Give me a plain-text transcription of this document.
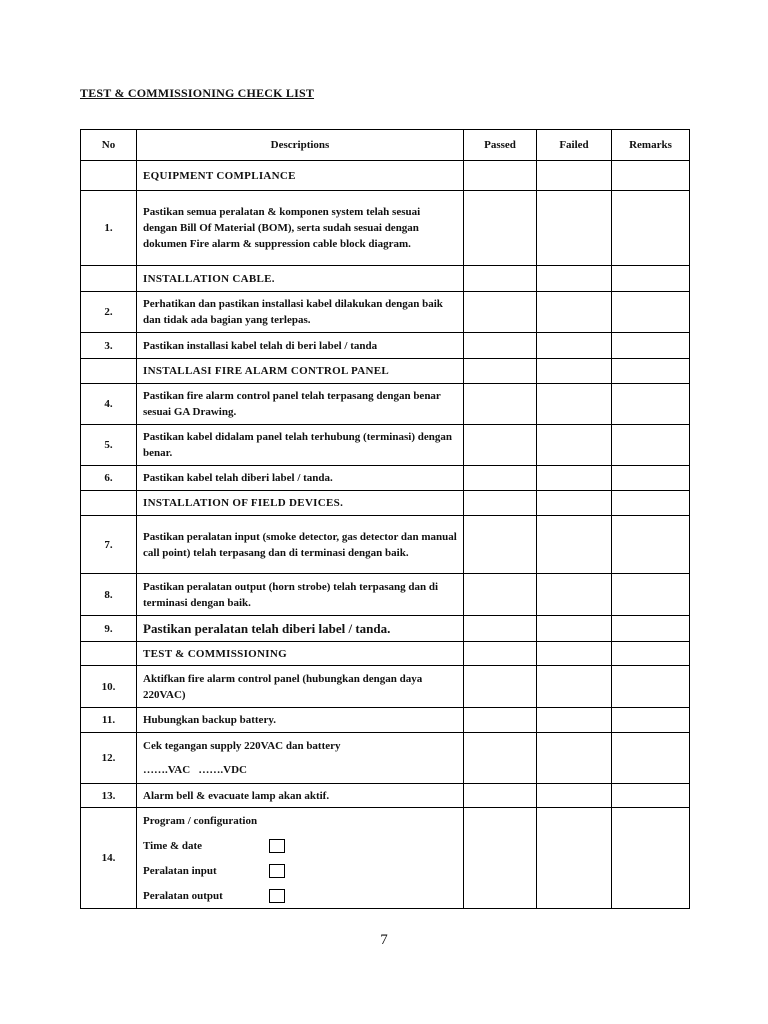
TEST & COMMISSIONING CHECK LIST
No	Descriptions	Passed	Failed	Remarks
	EQUIPMENT COMPLIANCE			
1.	Pastikan semua peralatan & komponen system telah sesuai dengan Bill Of Material (BOM), serta sudah sesuai dengan dokumen Fire alarm & suppression cable block diagram.			
	INSTALLATION CABLE.			
2.	Perhatikan dan pastikan installasi kabel dilakukan dengan baik dan tidak ada bagian yang terlepas.			
3.	Pastikan installasi kabel telah di beri label / tanda			
	INSTALLASI FIRE ALARM CONTROL PANEL			
4.	Pastikan fire alarm control panel telah terpasang dengan benar sesuai GA Drawing.			
5.	Pastikan kabel didalam panel telah terhubung (terminasi) dengan benar.			
6.	Pastikan kabel telah diberi label / tanda.			
	INSTALLATION OF FIELD DEVICES.			
7.	Pastikan peralatan input (smoke detector, gas detector dan manual call point) telah terpasang dan di terminasi dengan baik.			
8.	Pastikan peralatan output (horn strobe) telah terpasang dan di terminasi dengan baik.			
9.	Pastikan peralatan telah diberi label / tanda.			
	TEST & COMMISSIONING			
10.	Aktifkan fire alarm control panel (hubungkan dengan daya 220VAC)			
11.	Hubungkan backup battery.			
12.	Cek tegangan supply 220VAC dan battery
…….VAC   …….VDC			

13.	Alarm bell & evacuate lamp akan aktif.			
14.	Program / configuration
Time & date
Peralatan input
Peralatan output			

7
